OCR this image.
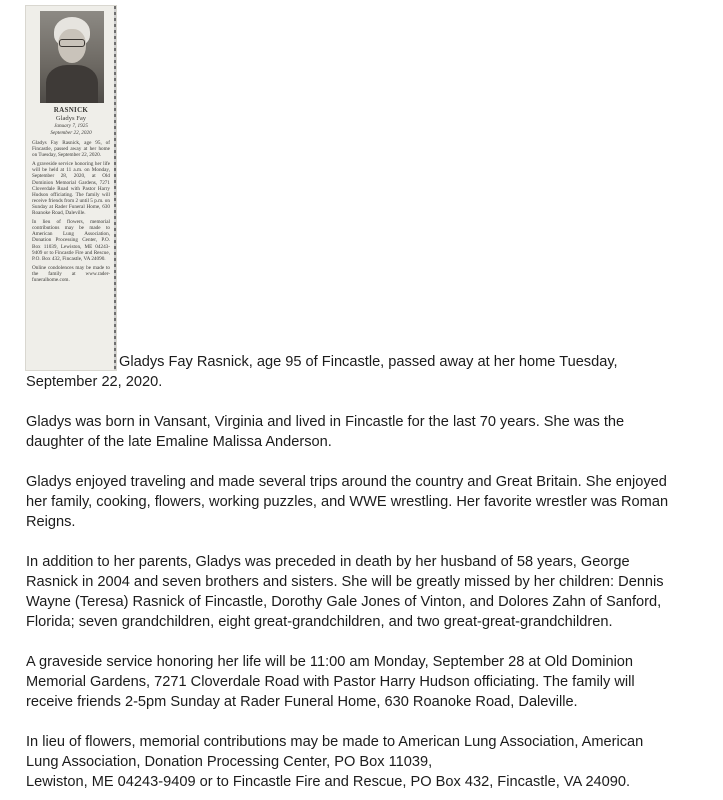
RASNICK
Gladys Fay
January 7, 1925
September 22, 2020

Gladys Fay Rasnick, age 95, of Fincastle, passed away at her home on Tuesday, September 22, 2020.

A graveside service honoring her life will be held at 11 a.m. on Monday, September 28, 2020, at Old Dominion Memorial Gardens, 7271 Cloverdale Road with Pastor Harry Hudson officiating. The family will receive friends from 2 until 5 p.m. on Sunday at Rader Funeral Home, 630 Roanoke Road, Daleville.

In lieu of flowers, memorial contributions may be made to American Lung Association, Donation Processing Center, P.O. Box 11039, Lewiston, ME 04243-9409 or to Fincastle Fire and Rescue, P.O. Box 432, Fincastle, VA 24090.

Online condolences may be made to the family at www.rader-funeralhome.com.

Gladys Fay Rasnick, age 95 of Fincastle, passed away at her home Tuesday,
September 22, 2020.
Gladys was born in Vansant, Virginia and lived in Fincastle for the last 70 years. She was the
daughter of the late Emaline Malissa Anderson.
Gladys enjoyed traveling and made several trips around the country and Great Britain. She enjoyed
her family, cooking, flowers, working puzzles, and WWE wrestling. Her favorite wrestler was Roman
Reigns.
In addition to her parents, Gladys was preceded in death by her husband of 58 years, George
Rasnick in 2004 and seven brothers and sisters. She will be greatly missed by her children: Dennis
Wayne (Teresa) Rasnick of Fincastle, Dorothy Gale Jones of Vinton, and Dolores Zahn of Sanford,
Florida; seven grandchildren, eight great-grandchildren, and two great-great-grandchildren.
A graveside service honoring her life will be 11:00 am Monday, September 28 at Old Dominion
Memorial Gardens, 7271 Cloverdale Road with Pastor Harry Hudson officiating. The family will
receive friends 2-5pm Sunday at Rader Funeral Home, 630 Roanoke Road, Daleville.
In lieu of flowers, memorial contributions may be made to American Lung Association, American
Lung Association, Donation Processing Center, PO Box 11039,
Lewiston, ME 04243-9409 or to Fincastle Fire and Rescue, PO Box 432, Fincastle, VA 24090.
